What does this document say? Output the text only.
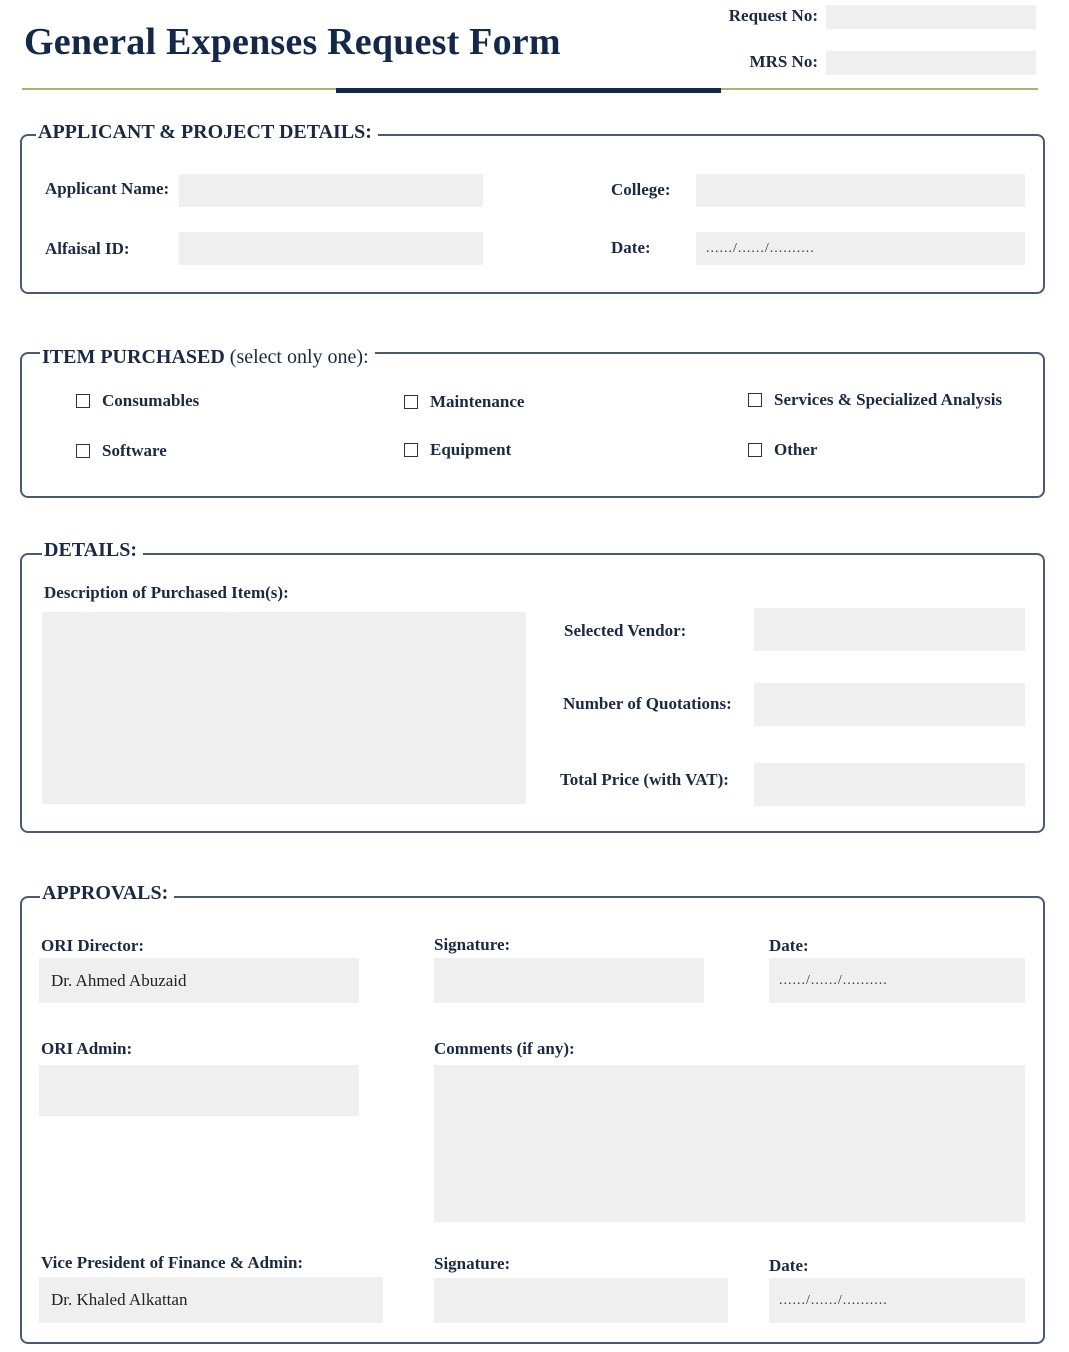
General Expenses Request Form
Request No:
MRS No:
APPLICANT & PROJECT DETAILS:
Applicant Name:	College:
Alfaisal ID:	Date:	....../....../..........
ITEM PURCHASED (select only one):
Consumables	Maintenance	Services & Specialized Analysis
Software	Equipment	Other
DETAILS:
Description of Purchased Item(s):
Selected Vendor:
Number of Quotations:
Total Price (with VAT):
APPROVALS:
ORI Director:
Dr. Ahmed Abuzaid
Signature:	Date:
....../....../..........
ORI Admin:	Comments (if any):
Vice President of Finance & Admin:
Dr. Khaled Alkattan
Signature:	Date:
....../....../..........
